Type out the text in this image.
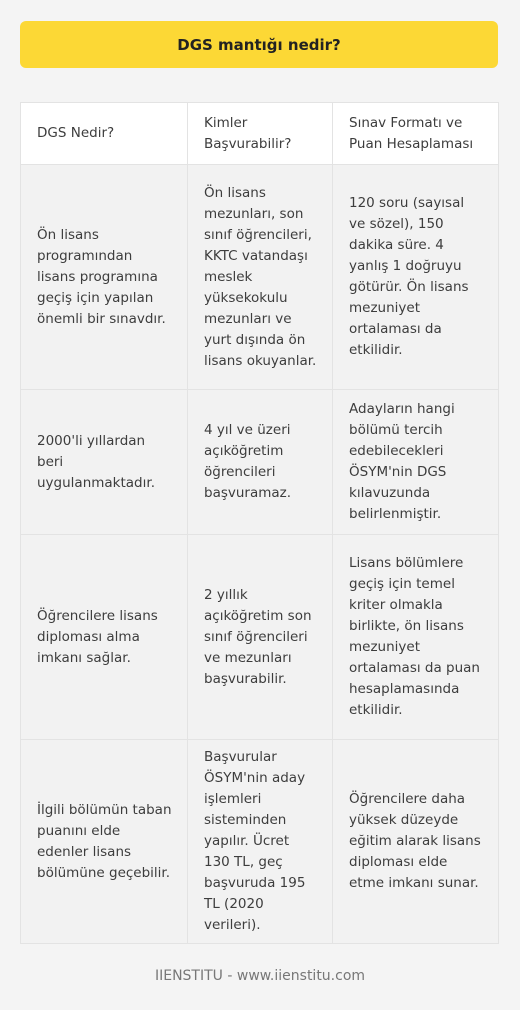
DGS mantığı nedir?
DGS Nedir?	Kimler Başvurabilir?	Sınav Formatı ve Puan Hesaplaması
Ön lisans programından lisans programına geçiş için yapılan önemli bir sınavdır.	Ön lisans mezunları, son sınıf öğrencileri, KKTC vatandaşı meslek yüksekokulu mezunları ve yurt dışında ön lisans okuyanlar.	120 soru (sayısal ve sözel), 150 dakika süre. 4 yanlış 1 doğruyu götürür. Ön lisans mezuniyet ortalaması da etkilidir.
2000'li yıllardan beri uygulanmaktadır.	4 yıl ve üzeri açıköğretim öğrencileri başvuramaz.	Adayların hangi bölümü tercih edebilecekleri ÖSYM'nin DGS kılavuzunda belirlenmiştir.
Öğrencilere lisans diploması alma imkanı sağlar.	2 yıllık açıköğretim son sınıf öğrencileri ve mezunları başvurabilir.	Lisans bölümlere geçiş için temel kriter olmakla birlikte, ön lisans mezuniyet ortalaması da puan hesaplamasında etkilidir.
İlgili bölümün taban puanını elde edenler lisans bölümüne geçebilir.	Başvurular ÖSYM'nin aday işlemleri sisteminden yapılır. Ücret 130 TL, geç başvuruda 195 TL (2020 verileri).	Öğrencilere daha yüksek düzeyde eğitim alarak lisans diploması elde etme imkanı sunar.
IIENSTITU - www.iienstitu.com
